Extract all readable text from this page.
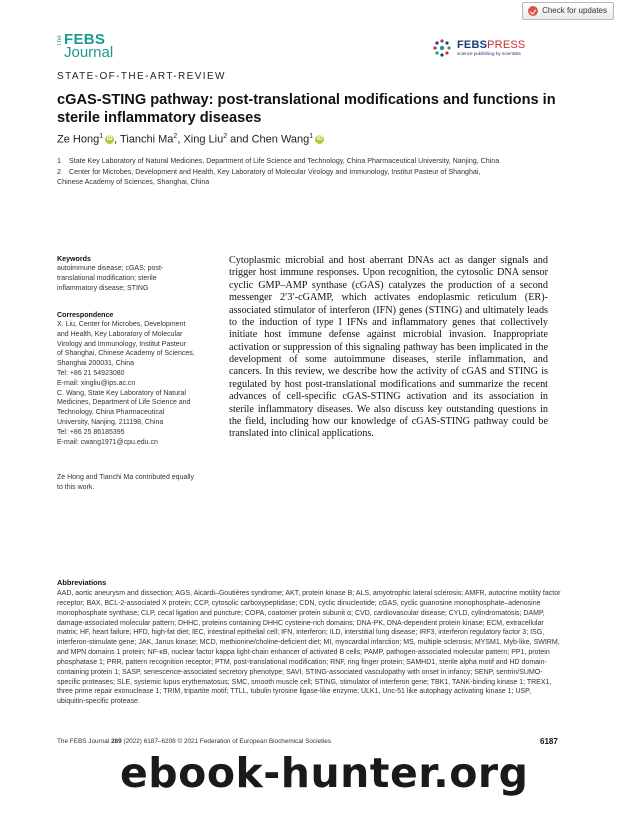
Check for updates
The FEBS
Journal	FEBSPRESS
science publishing by scientists
STATE-OF-THE-ART-REVIEW
cGAS-STING pathway: post-translational modifications and functions in sterile inflammatory diseases
Ze Hong$^1$ iD , Tianchi Ma$^2$, Xing Liu$^2$ and Chen Wang$^1$ iD
1 State Key Laboratory of Natural Medicines, Department of Life Science and Technology, China Pharmaceutical University, Nanjing, China
2 Center for Microbes, Development and Health, Key Laboratory of Molecular Virology and Immunology, Institut Pasteur of Shanghai,
Chinese Academy of Sciences, Shanghai, China
Keywords
autoimmune disease; cGAS; post-
translational modification; sterile
inflammatory disease; STING
Correspondence
X. Liu, Center for Microbes, Development
and Health, Key Laboratory of Molecular
Virology and Immunology, Institut Pasteur
of Shanghai, Chinese Academy of Sciences,
Shanghai 200031, China
Tel: +86 21 54923080
E-mail: xingliu@ips.ac.cn
C. Wang, State Key Laboratory of Natural
Medicines, Department of Life Science and
Technology, China Pharmaceutical
University, Nanjing, 211198, China
Tel: +86 25 86185395
E-mail: cwang1971@cpu.edu.cn
Ze Hong and Tianchi Ma contributed equally
to this work.

Cytoplasmic microbial and host aberrant DNAs act as danger signals and trigger host immune responses. Upon recognition, the cytosolic DNA sensor cyclic GMP–AMP synthase (cGAS) catalyzes the production of a second messenger 2′3′-cGAMP, which activates endoplasmic reticulum (ER)-associated stimulator of interferon (IFN) genes (STING) and ultimately leads to the induction of type I IFNs and inflammatory genes that collectively initiate host immune defense against microbial invasion. Inappropriate activation or suppression of this signaling pathway has been implicated in the development of some autoimmune diseases, sterile inflammation, and cancers. In this review, we describe how the activity of cGAS and STING is regulated by host post-translational modifications and summarize the recent advances of cell-specific cGAS-STING activation and its association in sterile inflammatory diseases. We also discuss key outstanding questions in the field, including how our knowledge of cGAS-STING pathway could be translated into clinical applications.

Abbreviations

AAD, aortic aneurysm and dissection; AGS, Aicardi–Goutières syndrome; AKT, protein kinase B; ALS, amyotrophic lateral sclerosis; AMFR, autocrine motility factor receptor; BAX, BCL-2-associated X protein; CCP, cytosolic carboxypeptidase; CDN, cyclic dinucleotide; cGAS, cyclic guanosine monophosphate–adenosine monophosphate synthase; CLP, cecal ligation and puncture; COPA, coatomer protein subunit α; CVD, cardiovascular disease; CYLD, cylindromatosis; DAMP, damage-associated molecular pattern; DHHC, proteins containing DHHC cysteine-rich domains; DNA-PK, DNA-dependent protein kinase; ECM, extracellular matrix; HF, heart failure; HFD, high-fat diet; IEC, intestinal epithelial cell; IFN, interferon; ILD, interstitial lung disease; IRF3, interferon regulatory factor 3; ISG, interferon-stimulate gene; JAK, Janus kinase; MCD, methionine/choline-deficient diet; MI, myocardial infarction; MS, multiple sclerosis; MYSM1, Myb-like, SWIRM, and MPN domains 1 protein; NF-κB, nuclear factor kappa light-chain enhancer of activated B cells; PAMP, pathogen-associated molecular pattern; PP1, protein phosphatase 1; PRR, pattern recognition receptor; PTM, post-translational modification; RNF, ring finger protein; SAMHD1, sterile alpha motif and HD domain-containing protein 1; SASP, senescence-associated secretory phenotype; SAVI, STING-associated vasculopathy with onset in infancy; SENP, sentrin/SUMO-specific proteases; SLE, systemic lupus erythematosus; SMC, smooth muscle cell; STING, stimulator of interferon gene; TBK1, TANK-binding kinase 1; TREX1, three prime repair exonuclease 1; TRIM, tripartite motif; TTLL, tubulin tyrosine ligase-like enzyme; ULK1, Unc-51 like autophagy activating kinase 1; USP, ubiquitin-specific protease.

The FEBS Journal 289 (2022) 6187–6208 © 2021 Federation of European Biochemical Societies	6187
ebook-hunter.org
